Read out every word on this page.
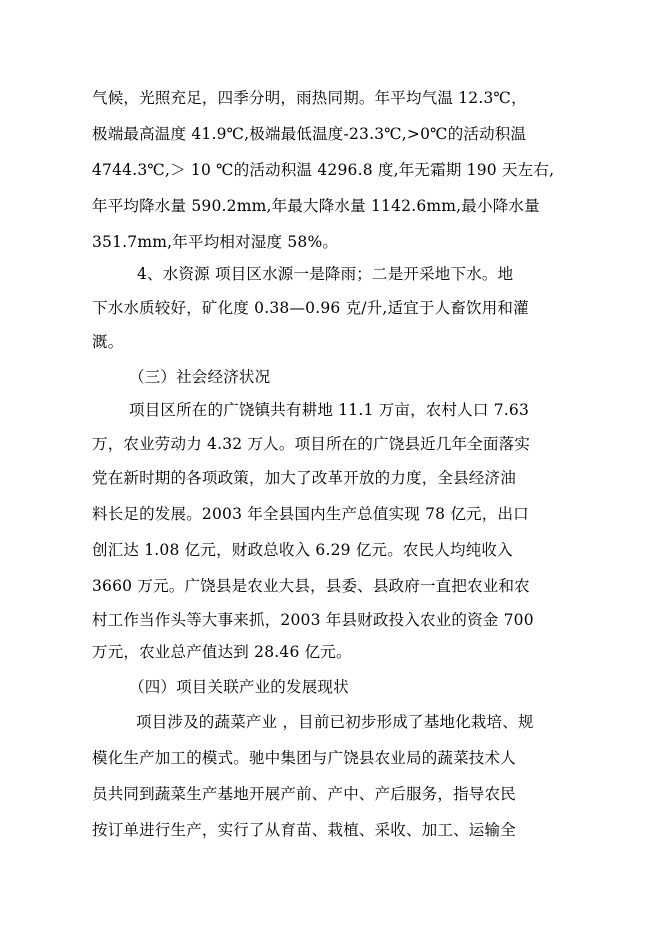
气候，光照充足，四季分明，雨热同期。年平均气温 12.3℃，
极端最高温度 41.9℃,极端最低温度-23.3℃,>0℃的活动积温
4744.3℃,＞ 10 ℃的活动积温 4296.8 度,年无霜期 190 天左右,
年平均降水量 590.2mm,年最大降水量 1142.6mm,最小降水量
351.7mm,年平均相对湿度 58%。
4、水资源 项目区水源一是降雨；二是开采地下水。地
下水水质较好，矿化度 0.38—0.96 克/升,适宜于人畜饮用和灌
溉。
（三）社会经济状况
项目区所在的广饶镇共有耕地 11.1 万亩，农村人口 7.63
万，农业劳动力 4.32 万人。项目所在的广饶县近几年全面落实
党在新时期的各项政策，加大了改革开放的力度，全县经济油
料长足的发展。2003 年全县国内生产总值实现 78 亿元，出口
创汇达 1.08 亿元，财政总收入 6.29 亿元。农民人均纯收入
3660 万元。广饶县是农业大县，县委、县政府一直把农业和农
村工作当作头等大事来抓，2003 年县财政投入农业的资金 700
万元，农业总产值达到 28.46 亿元。
（四）项目关联产业的发展现状
项目涉及的蔬菜产业 ，目前已初步形成了基地化栽培、规
模化生产加工的模式。驰中集团与广饶县农业局的蔬菜技术人
员共同到蔬菜生产基地开展产前、产中、产后服务，指导农民
按订单进行生产，实行了从育苗、栽植、采收、加工、运输全
